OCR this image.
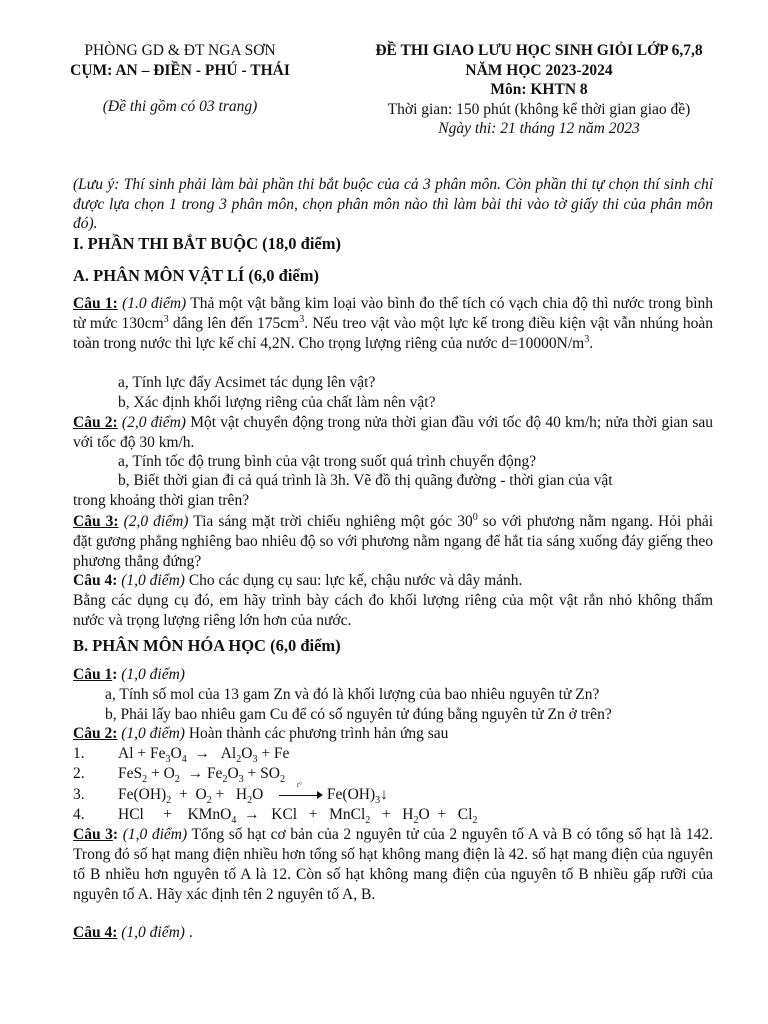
PHÒNG GD & ĐT NGA SƠN
CỤM: AN – ĐIỀN - PHÚ - THÁI
(Đề thi gồm có 03 trang)
ĐỀ THI GIAO LƯU HỌC SINH GIỎI LỚP 6,7,8
NĂM HỌC 2023-2024
Môn: KHTN 8
Thời gian: 150 phút (không kể thời gian giao đề)
Ngày thi: 21 tháng 12 năm 2023
(Lưu ý: Thí sinh phải làm bài phần thi bắt buộc của cả 3 phân môn. Còn phần thi tự chọn thí sinh chỉ được lựa chọn 1 trong 3 phân môn, chọn phân môn nào thì làm bài thi vào tờ giấy thi của phân môn đó).
I. PHẦN THI BẮT BUỘC (18,0 điểm)
A. PHÂN MÔN VẬT LÍ (6,0 điểm)
Câu 1: (1.0 điểm) Thả một vật bằng kim loại vào bình đo thể tích có vạch chia độ thì nước trong bình từ mức $130cm^3$ dâng lên đến $175cm^3$. Nếu treo vật vào một lực kế trong điều kiện vật vẫn nhúng hoàn toàn trong nước thì lực kế chỉ 4,2N. Cho trọng lượng riêng của nước $d=10000N/m^3$.
a, Tính lực đẩy Acsimet tác dụng lên vật?
b, Xác định khối lượng riêng của chất làm nên vật?
Câu 2: (2,0 điểm) Một vật chuyển động trong nửa thời gian đầu với tốc độ 40 km/h; nửa thời gian sau với tốc độ 30 km/h.
a, Tính tốc độ trung bình của vật trong suốt quá trình chuyển động?
b, Biết thời gian đi cả quá trình là 3h. Vẽ đồ thị quãng đường - thời gian của vật
trong khoảng thời gian trên?
Câu 3: (2,0 điểm) Tia sáng mặt trời chiếu nghiêng một góc $30^0$ so với phương nằm ngang. Hỏi phải đặt gương phẳng nghiêng bao nhiêu độ so với phương nằm ngang để hắt tia sáng xuống đáy giếng theo phương thẳng đứng?
Câu 4: (1,0 điểm) Cho các dụng cụ sau: lực kế, chậu nước và dây mảnh.
Bằng các dụng cụ đó, em hãy trình bày cách đo khối lượng riêng của một vật rắn nhỏ không thấm nước và trọng lượng riêng lớn hơn của nước.
B. PHÂN MÔN HÓA HỌC (6,0 điểm)
Câu 1: (1,0 điểm)
a, Tính số mol của 13 gam Zn và đó là khối lượng của bao nhiêu nguyên tử Zn?
b, Phải lấy bao nhiêu gam Cu để có số nguyên tử đúng bằng nguyên tử Zn ở trên?
Câu 2: (1,0 điểm) Hoàn thành các phương trình hản ứng sau
1. $Al + Fe_3O_4 \to Al_2O_3 + Fe$
2. $FeS_2 + O_2 \to Fe_2O_3 + SO_2$
3. $Fe(OH)_2 + O_2 + H_2O$
t°
$Fe(OH)_3↓$
4. HCl     +    KMnO$_4$  →   KCl   +   MnCl$_2$   +   $H_2O + Cl_2$
Câu 3: (1,0 điểm) Tổng số hạt cơ bản của 2 nguyên tử của 2 nguyên tố A và B có tổng số hạt là 142. Trong đó số hạt mang điện nhiều hơn tổng số hạt không mang điện là 42. số hạt mang điện của nguyên tố B nhiều hơn nguyên tố A là 12. Còn số hạt không mang điện của nguyên tố B nhiều gấp rưỡi của nguyên tố A. Hãy xác định tên 2 nguyên tố A, B.
Câu 4: (1,0 điểm) .
